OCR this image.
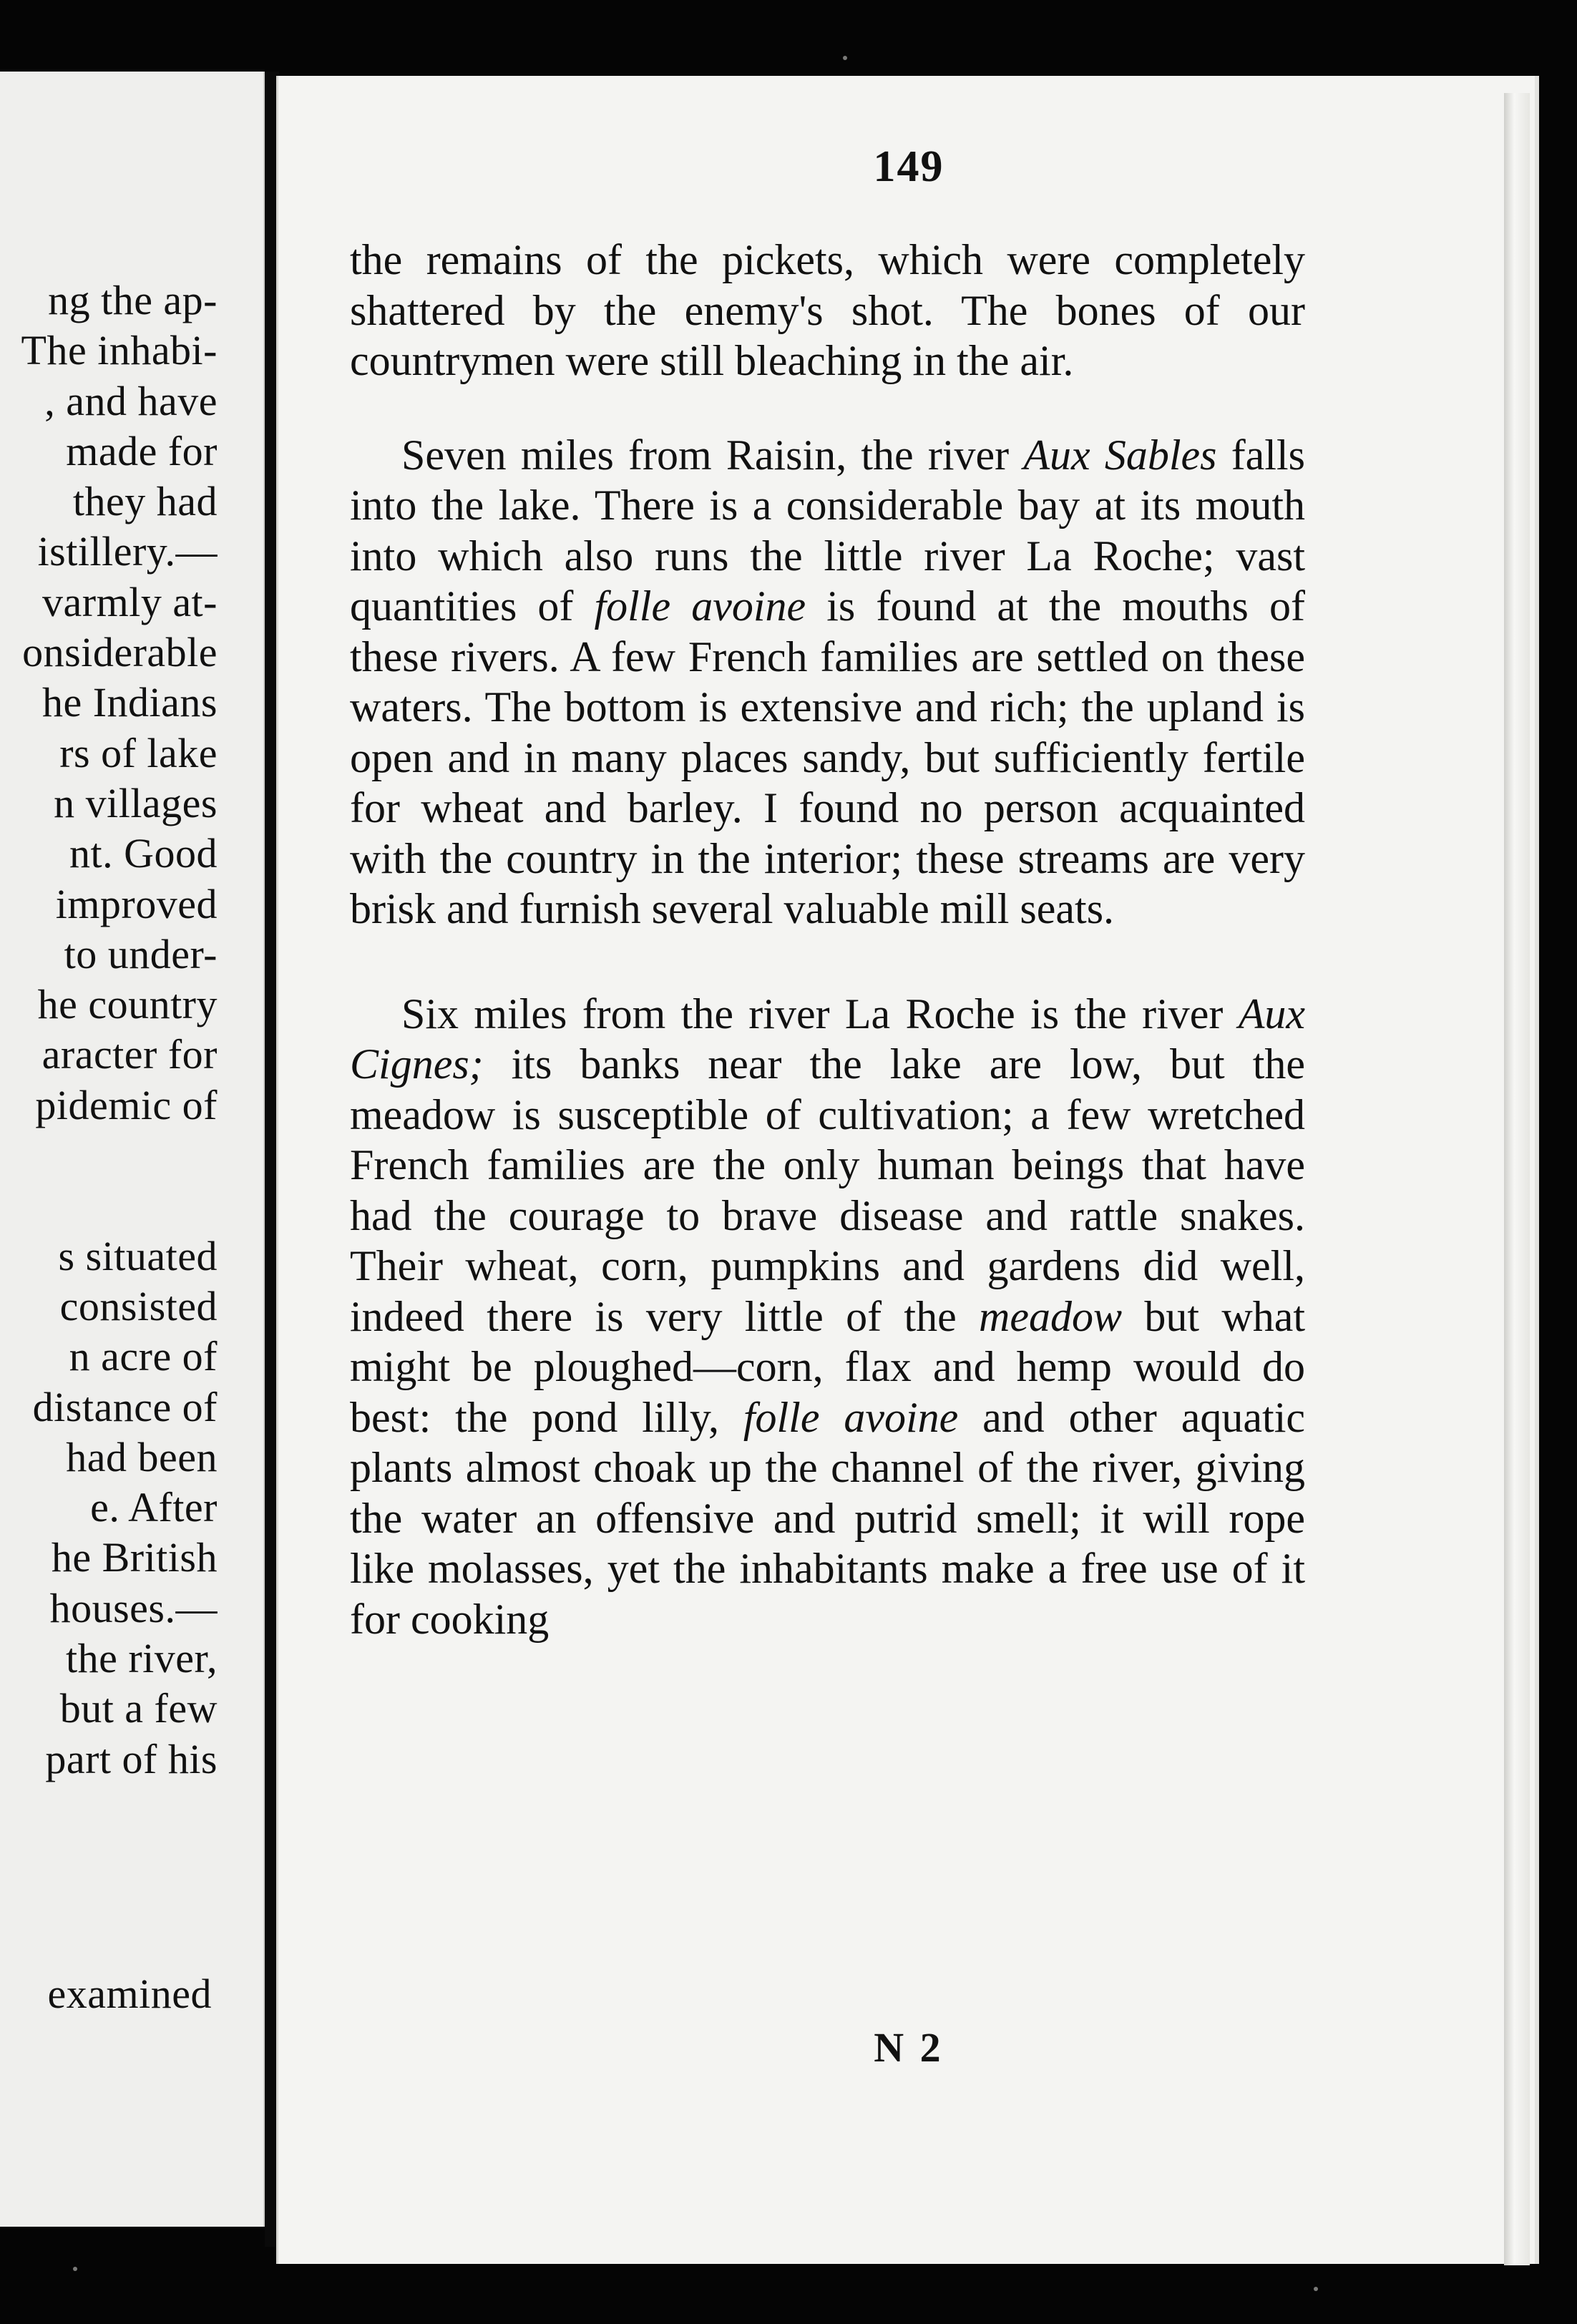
ng the ap-
The inhabi-
, and have
made for
they had
istillery.—
varmly at-
onsiderable
he Indians
rs of lake
n villages
nt. Good
improved
to under-
he country
aracter for
pidemic of

s situated
consisted
n acre of
distance of
had been
e. After
he British
houses.—
the river,
but a few
part of his
examined
149

the remains of the pickets, which were completely shattered by the enemy's shot. The bones of our countrymen were still bleaching in the air.

Seven miles from Raisin, the river Aux Sables falls into the lake. There is a considerable bay at its mouth into which also runs the little river La Roche; vast quantities of folle avoine is found at the mouths of these rivers. A few French families are settled on these waters. The bottom is extensive and rich; the upland is open and in many places sandy, but sufficiently fertile for wheat and barley. I found no person acquainted with the country in the interior; these streams are very brisk and furnish several valuable mill seats.

Six miles from the river La Roche is the river Aux Cignes; its banks near the lake are low, but the meadow is susceptible of cultivation; a few wretched French families are the only human beings that have had the courage to brave disease and rattle snakes. Their wheat, corn, pumpkins and gardens did well, indeed there is very little of the meadow but what might be ploughed—corn, flax and hemp would do best: the pond lilly, folle avoine and other aquatic plants almost choak up the channel of the river, giving the water an offensive and putrid smell; it will rope like molasses, yet the inhabitants make a free use of it for cooking

N 2
